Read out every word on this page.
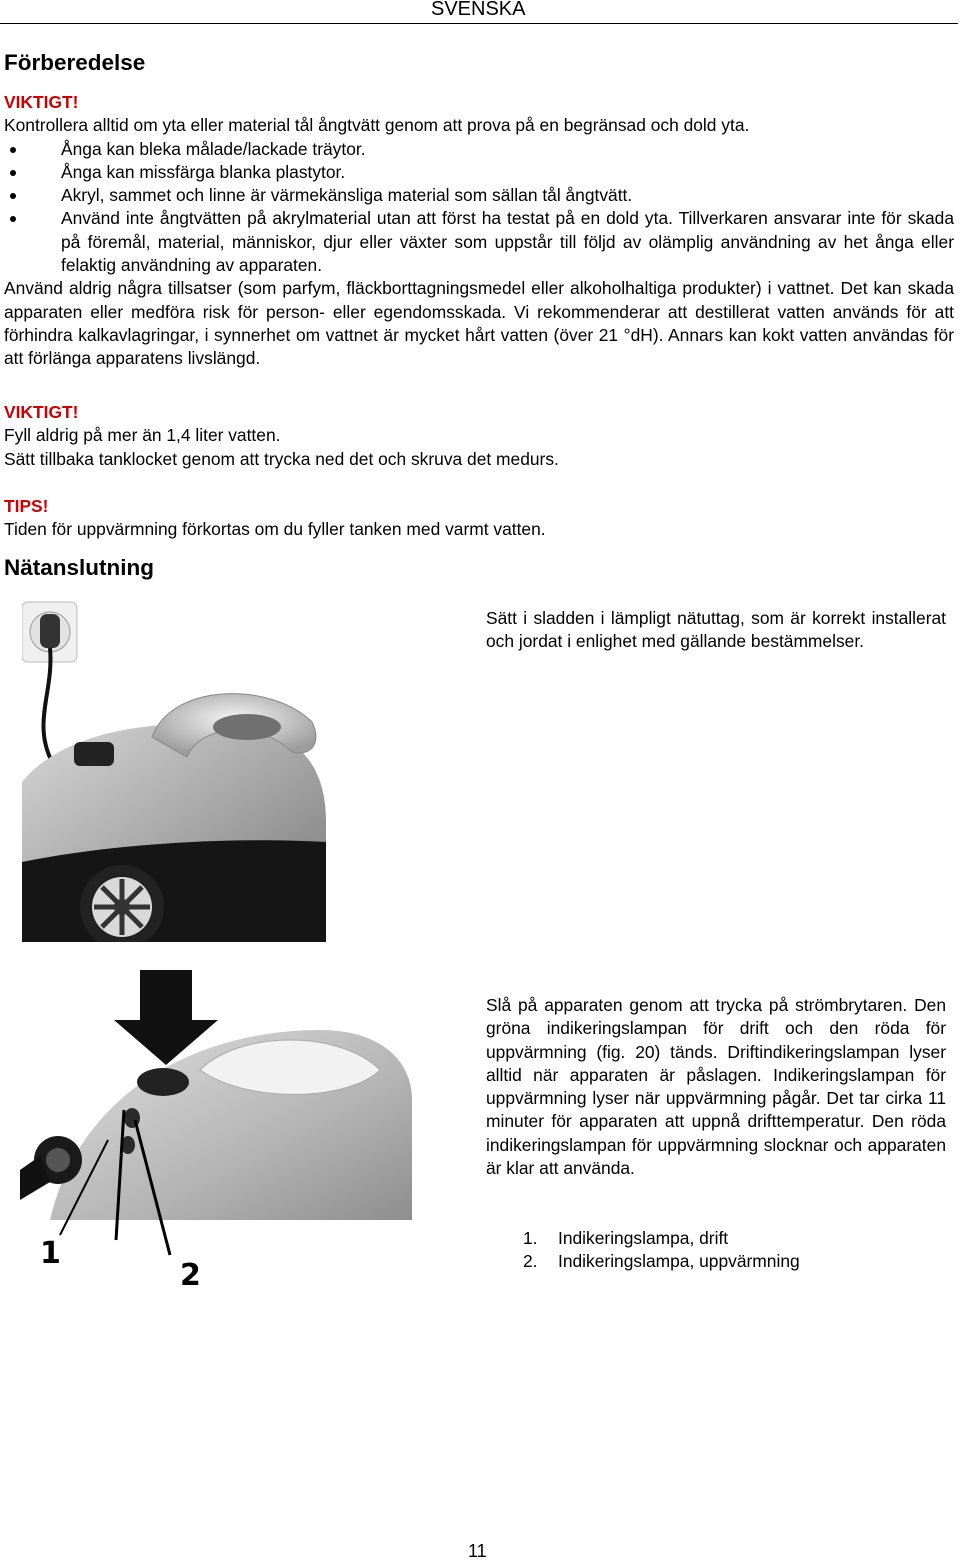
SVENSKA
Förberedelse
VIKTIGT!
Kontrollera alltid om yta eller material tål ångtvätt genom att prova på en begränsad och dold yta.
Ånga kan bleka målade/lackade träytor.
Ånga kan missfärga blanka plastytor.
Akryl, sammet och linne är värmekänsliga material som sällan tål ångtvätt.
Använd inte ångtvätten på akrylmaterial utan att först ha testat på en dold yta. Tillverkaren ansvarar inte för skada på föremål, material, människor, djur eller växter som uppstår till följd av olämplig användning av het ånga eller felaktig användning av apparaten.
Använd aldrig några tillsatser (som parfym, fläckborttagningsmedel eller alkoholhaltiga produkter) i vattnet. Det kan skada apparaten eller medföra risk för person- eller egendomsskada. Vi rekommenderar att destillerat vatten används för att förhindra kalkavlagringar, i synnerhet om vattnet är mycket hårt vatten (över 21 °dH). Annars kan kokt vatten användas för att förlänga apparatens livslängd.
VIKTIGT!
Fyll aldrig på mer än 1,4 liter vatten.
Sätt tillbaka tanklocket genom att trycka ned det och skruva det medurs.
TIPS!
Tiden för uppvärmning förkortas om du fyller tanken med varmt vatten.
Nätanslutning
Sätt i sladden i lämpligt nätuttag, som är korrekt installerat och jordat i enlighet med gällande bestämmelser.
1
2
Slå på apparaten genom att trycka på strömbrytaren. Den gröna indikeringslampan för drift och den röda för uppvärmning (fig. 20) tänds. Driftindikeringslampan lyser alltid när apparaten är påslagen. Indikeringslampan för uppvärmning lyser när uppvärmning pågår. Det tar cirka 11 minuter för apparaten att uppnå drifttemperatur. Den röda indikeringslampan för uppvärmning slocknar och apparaten är klar att använda.
1. Indikeringslampa, drift
2. Indikeringslampa, uppvärmning
11
